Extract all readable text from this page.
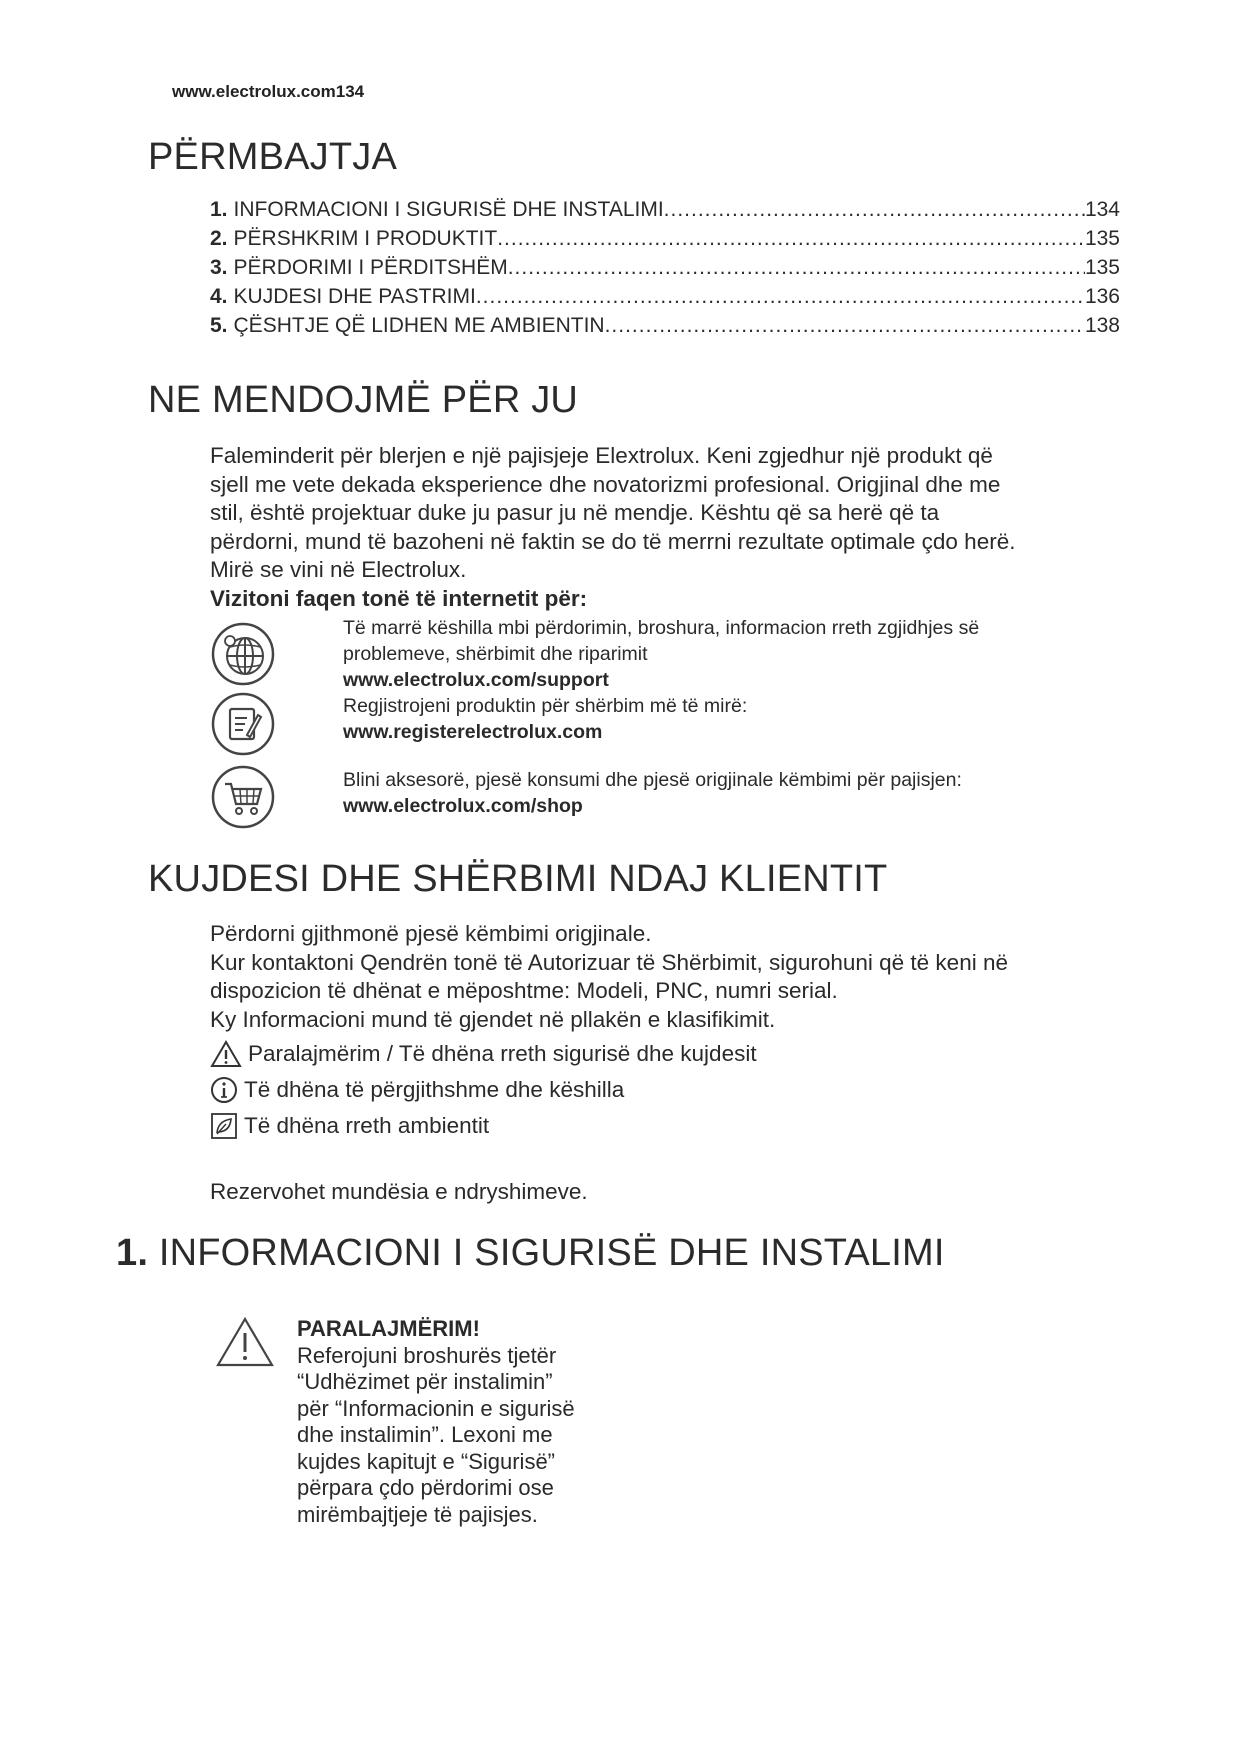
www.electrolux.com134
PËRMBAJTJA
1. INFORMACIONI I SIGURISË DHE INSTALIMI .....	134
2. PËRSHKRIM I PRODUKTIT .....	135
3. PËRDORIMI I PËRDITSHËM .....	135
4. KUJDESI DHE PASTRIMI .....	136
5. ÇËSHTJE QË LIDHEN ME AMBIENTIN .....	138
NE MENDOJMË PËR JU

Faleminderit për blerjen e një pajisjeje Elextrolux. Keni zgjedhur një produkt që

sjell me vete dekada eksperience dhe novatorizmi profesional. Origjinal dhe me

stil, është projektuar duke ju pasur ju në mendje. Kështu që sa herë që ta

përdorni, mund të bazoheni në faktin se do të merrni rezultate optimale çdo herë.

Mirë se vini në Electrolux.

Vizitoni faqen tonë të internetit për:

Të marrë këshilla mbi përdorimin, broshura, informacion rreth zgjidhjes së
problemeve, shërbimit dhe riparimit
www.electrolux.com/support
Regjistrojeni produktin për shërbim më të mirë:
www.registerelectrolux.com
Blini aksesorë, pjesë konsumi dhe pjesë origjinale këmbimi për pajisjen:
www.electrolux.com/shop
KUJDESI DHE SHËRBIMI NDAJ KLIENTIT

Përdorni gjithmonë pjesë këmbimi origjinale.

Kur kontaktoni Qendrën tonë të Autorizuar të Shërbimit, sigurohuni që të keni në

dispozicion të dhënat e mëposhtme: Modeli, PNC, numri serial.

Ky Informacioni mund të gjendet në pllakën e klasifikimit.

Paralajmërim / Të dhëna rreth sigurisë dhe kujdesit
Të dhëna të përgjithshme dhe këshilla
Të dhëna rreth ambientit
Rezervohet mundësia e ndryshimeve.
1. INFORMACIONI I SIGURISË DHE INSTALIMI
PARALAJMËRIM!
Referojuni broshurës tjetër
“Udhëzimet për instalimin”
për “Informacionin e sigurisë
dhe instalimin”. Lexoni me
kujdes kapitujt e “Sigurisë”
përpara çdo përdorimi ose
mirëmbajtjeje të pajisjes.
